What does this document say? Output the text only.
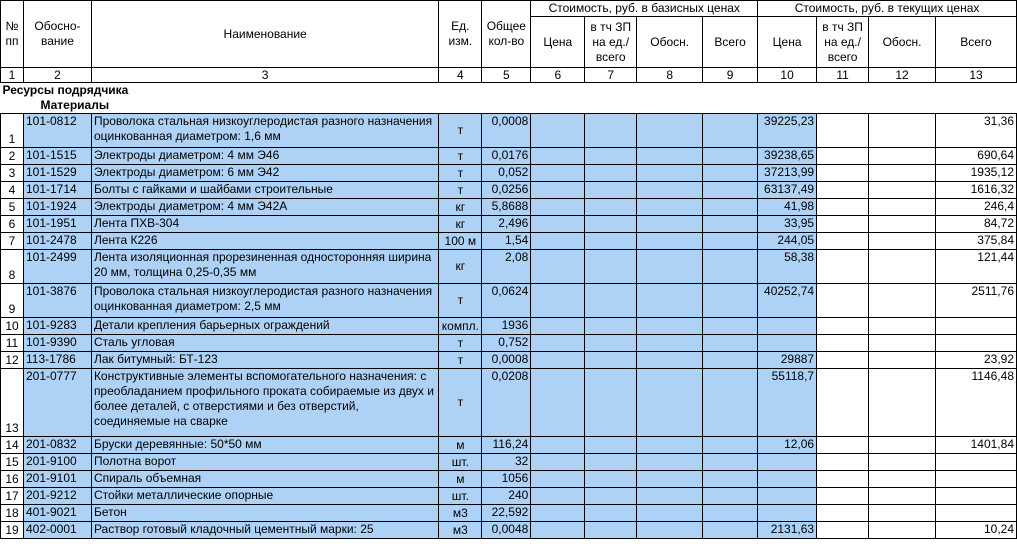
№ пп	Обосно-вание	Наименование	Ед. изм.	Общее кол-во	Стоимость, руб. в базисных ценах				Стоимость, руб. в текущих ценах			
					Цена	в тч ЗП на ед./ всего	Обосн.	Всего	Цена	в тч ЗП на ед./ всего	Обосн.	Всего

1	2	3	4	5	6	7	8	9	10	11	12	13
Ресурсы подрядчика												
	Материалы											
1	101-0812	Проволока стальная низкоуглеродистая разного назначения оцинкованная диаметром: 1,6 мм	т	0,0008					39225,23			31,36
2	101-1515	Электроды диаметром: 4 мм Э46	т	0,0176					39238,65			690,64
3	101-1529	Электроды диаметром: 6 мм Э42	т	0,052					37213,99			1935,12
4	101-1714	Болты с гайками и шайбами строительные	т	0,0256					63137,49			1616,32
5	101-1924	Электроды диаметром: 4 мм Э42А	кг	5,8688					41,98			246,4
6	101-1951	Лента ПХВ-304	кг	2,496					33,95			84,72
7	101-2478	Лента К226	100 м	1,54					244,05			375,84
8	101-2499	Лента изоляционная прорезиненная односторонняя ширина 20 мм, толщина 0,25-0,35 мм	кг	2,08					58,38			121,44
9	101-3876	Проволока стальная низкоуглеродистая разного назначения оцинкованная диаметром: 2,5 мм	т	0,0624					40252,74			2511,76
10	101-9283	Детали крепления барьерных ограждений	компл.	1936								
11	101-9390	Сталь угловая	т	0,752								
12	113-1786	Лак битумный: БТ-123	т	0,0008					29887			23,92
13	201-0777	Конструктивные элементы вспомогательного назначения: с преобладанием профильного проката собираемые из двух и более деталей, с отверстиями и без отверстий, соединяемые на сварке	т	0,0208					55118,7			1146,48
14	201-0832	Бруски деревянные: 50*50 мм	м	116,24					12,06			1401,84
15	201-9100	Полотна ворот	шт.	32								
16	201-9101	Спираль объемная	м	1056								
17	201-9212	Стойки металлические опорные	шт.	240								
18	401-9021	Бетон	м3	22,592								
19	402-0001	Раствор готовый кладочный цементный марки: 25	м3	0,0048					2131,63			10,24
